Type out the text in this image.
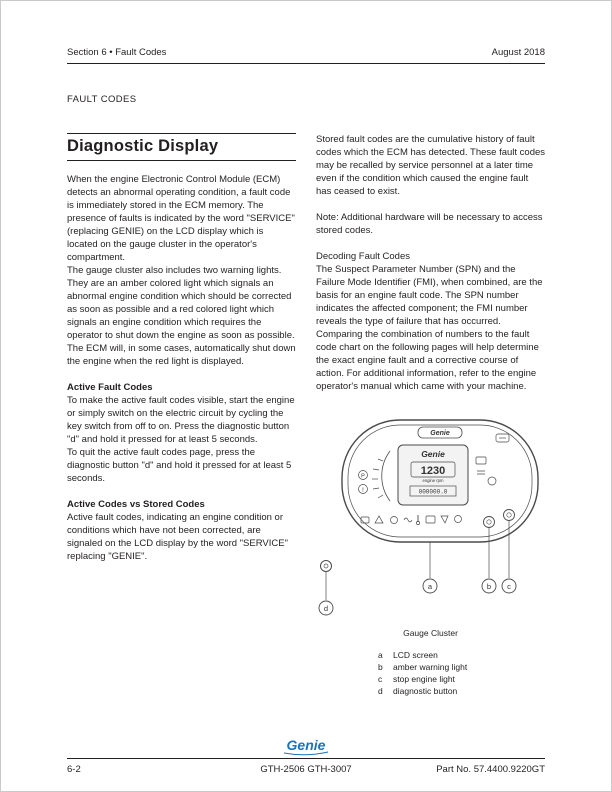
Section 6 • Fault Codes	August 2018
FAULT CODES
Diagnostic Display

When the engine Electronic Control Module (ECM) detects an abnormal operating condition, a fault code is immediately stored in the ECM memory. The presence of faults is indicated by the word "SERVICE" (replacing GENIE) on the LCD display which is located on the gauge cluster in the operator's compartment.

The gauge cluster also includes two warning lights.

They are an amber colored light which signals an abnormal engine condition which should be corrected as soon as possible and a red colored light which signals an engine condition which requires the operator to shut down the engine as soon as possible.

The ECM will, in some cases, automatically shut down the engine when the red light is displayed.

Active Fault Codes

To make the active fault codes visible, start the engine or simply switch on the electric circuit by cycling the key switch from off to on. Press the diagnostic button "d" and hold it pressed for at least 5 seconds.

To quit the active fault codes page, press the diagnostic button "d" and hold it pressed for at least 5 seconds.

Active Codes vs Stored Codes

Active fault codes, indicating an engine condition or conditions which have not been corrected, are signaled on the LCD display by the word "SERVICE" replacing "GENIE".

Stored fault codes are the cumulative history of fault codes which the ECM has detected. These fault codes may be recalled by service personnel at a later time even if the condition which caused the engine fault has ceased to exist.

Note: Additional hardware will be necessary to access stored codes.

Decoding Fault Codes

The Suspect Parameter Number (SPN) and the Failure Mode Identifier (FMI), when combined, are the basis for an engine fault code. The SPN number indicates the affected component; the FMI number reveals the type of failure that has occurred. Comparing the combination of numbers to the fault code chart on the following pages will help determine the exact engine fault and a corrective course of action. For additional information, refer to the engine operator's manual which came with your machine.

Genie
Genie
1230
engine rpm
000000.0
P
!
a	b c
d
Gauge Cluster
a	LCD screen
b	amber warning light
c	stop engine light
d	diagnostic button
Genie
6-2	GTH-2506 GTH-3007	Part No. 57.4400.9220GT
